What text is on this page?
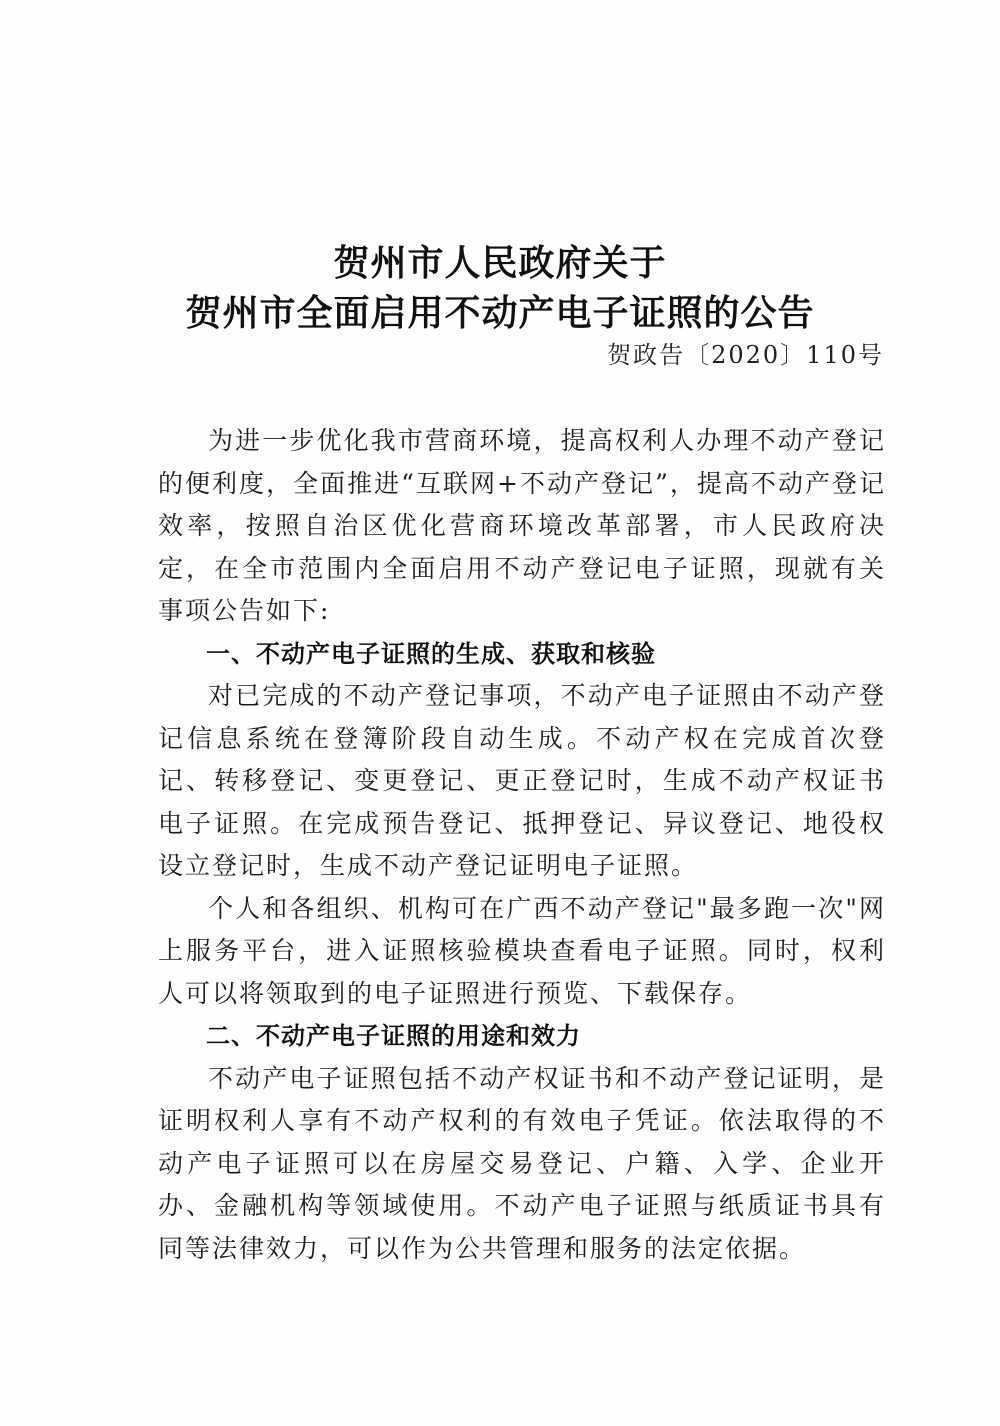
贺州市人民政府关于
贺州市全面启用不动产电子证照的公告
贺政告〔2020〕110号

为进一步优化我市营商环境，提高权利人办理不动产登记的便利度，全面推进“互联网+不动产登记”，提高不动产登记效率，按照自治区优化营商环境改革部署，市人民政府决定，在全市范围内全面启用不动产登记电子证照，现就有关事项公告如下:

一、不动产电子证照的生成、获取和核验

对已完成的不动产登记事项，不动产电子证照由不动产登记信息系统在登簿阶段自动生成。不动产权在完成首次登记、转移登记、变更登记、更正登记时，生成不动产权证书电子证照。在完成预告登记、抵押登记、异议登记、地役权设立登记时，生成不动产登记证明电子证照。

个人和各组织、机构可在广西不动产登记"最多跑一次"网上服务平台，进入证照核验模块查看电子证照。同时，权利人可以将领取到的电子证照进行预览、下载保存。

二、不动产电子证照的用途和效力

不动产电子证照包括不动产权证书和不动产登记证明，是证明权利人享有不动产权利的有效电子凭证。依法取得的不动产电子证照可以在房屋交易登记、户籍、入学、企业开办、金融机构等领域使用。不动产电子证照与纸质证书具有同等法律效力，可以作为公共管理和服务的法定依据。
